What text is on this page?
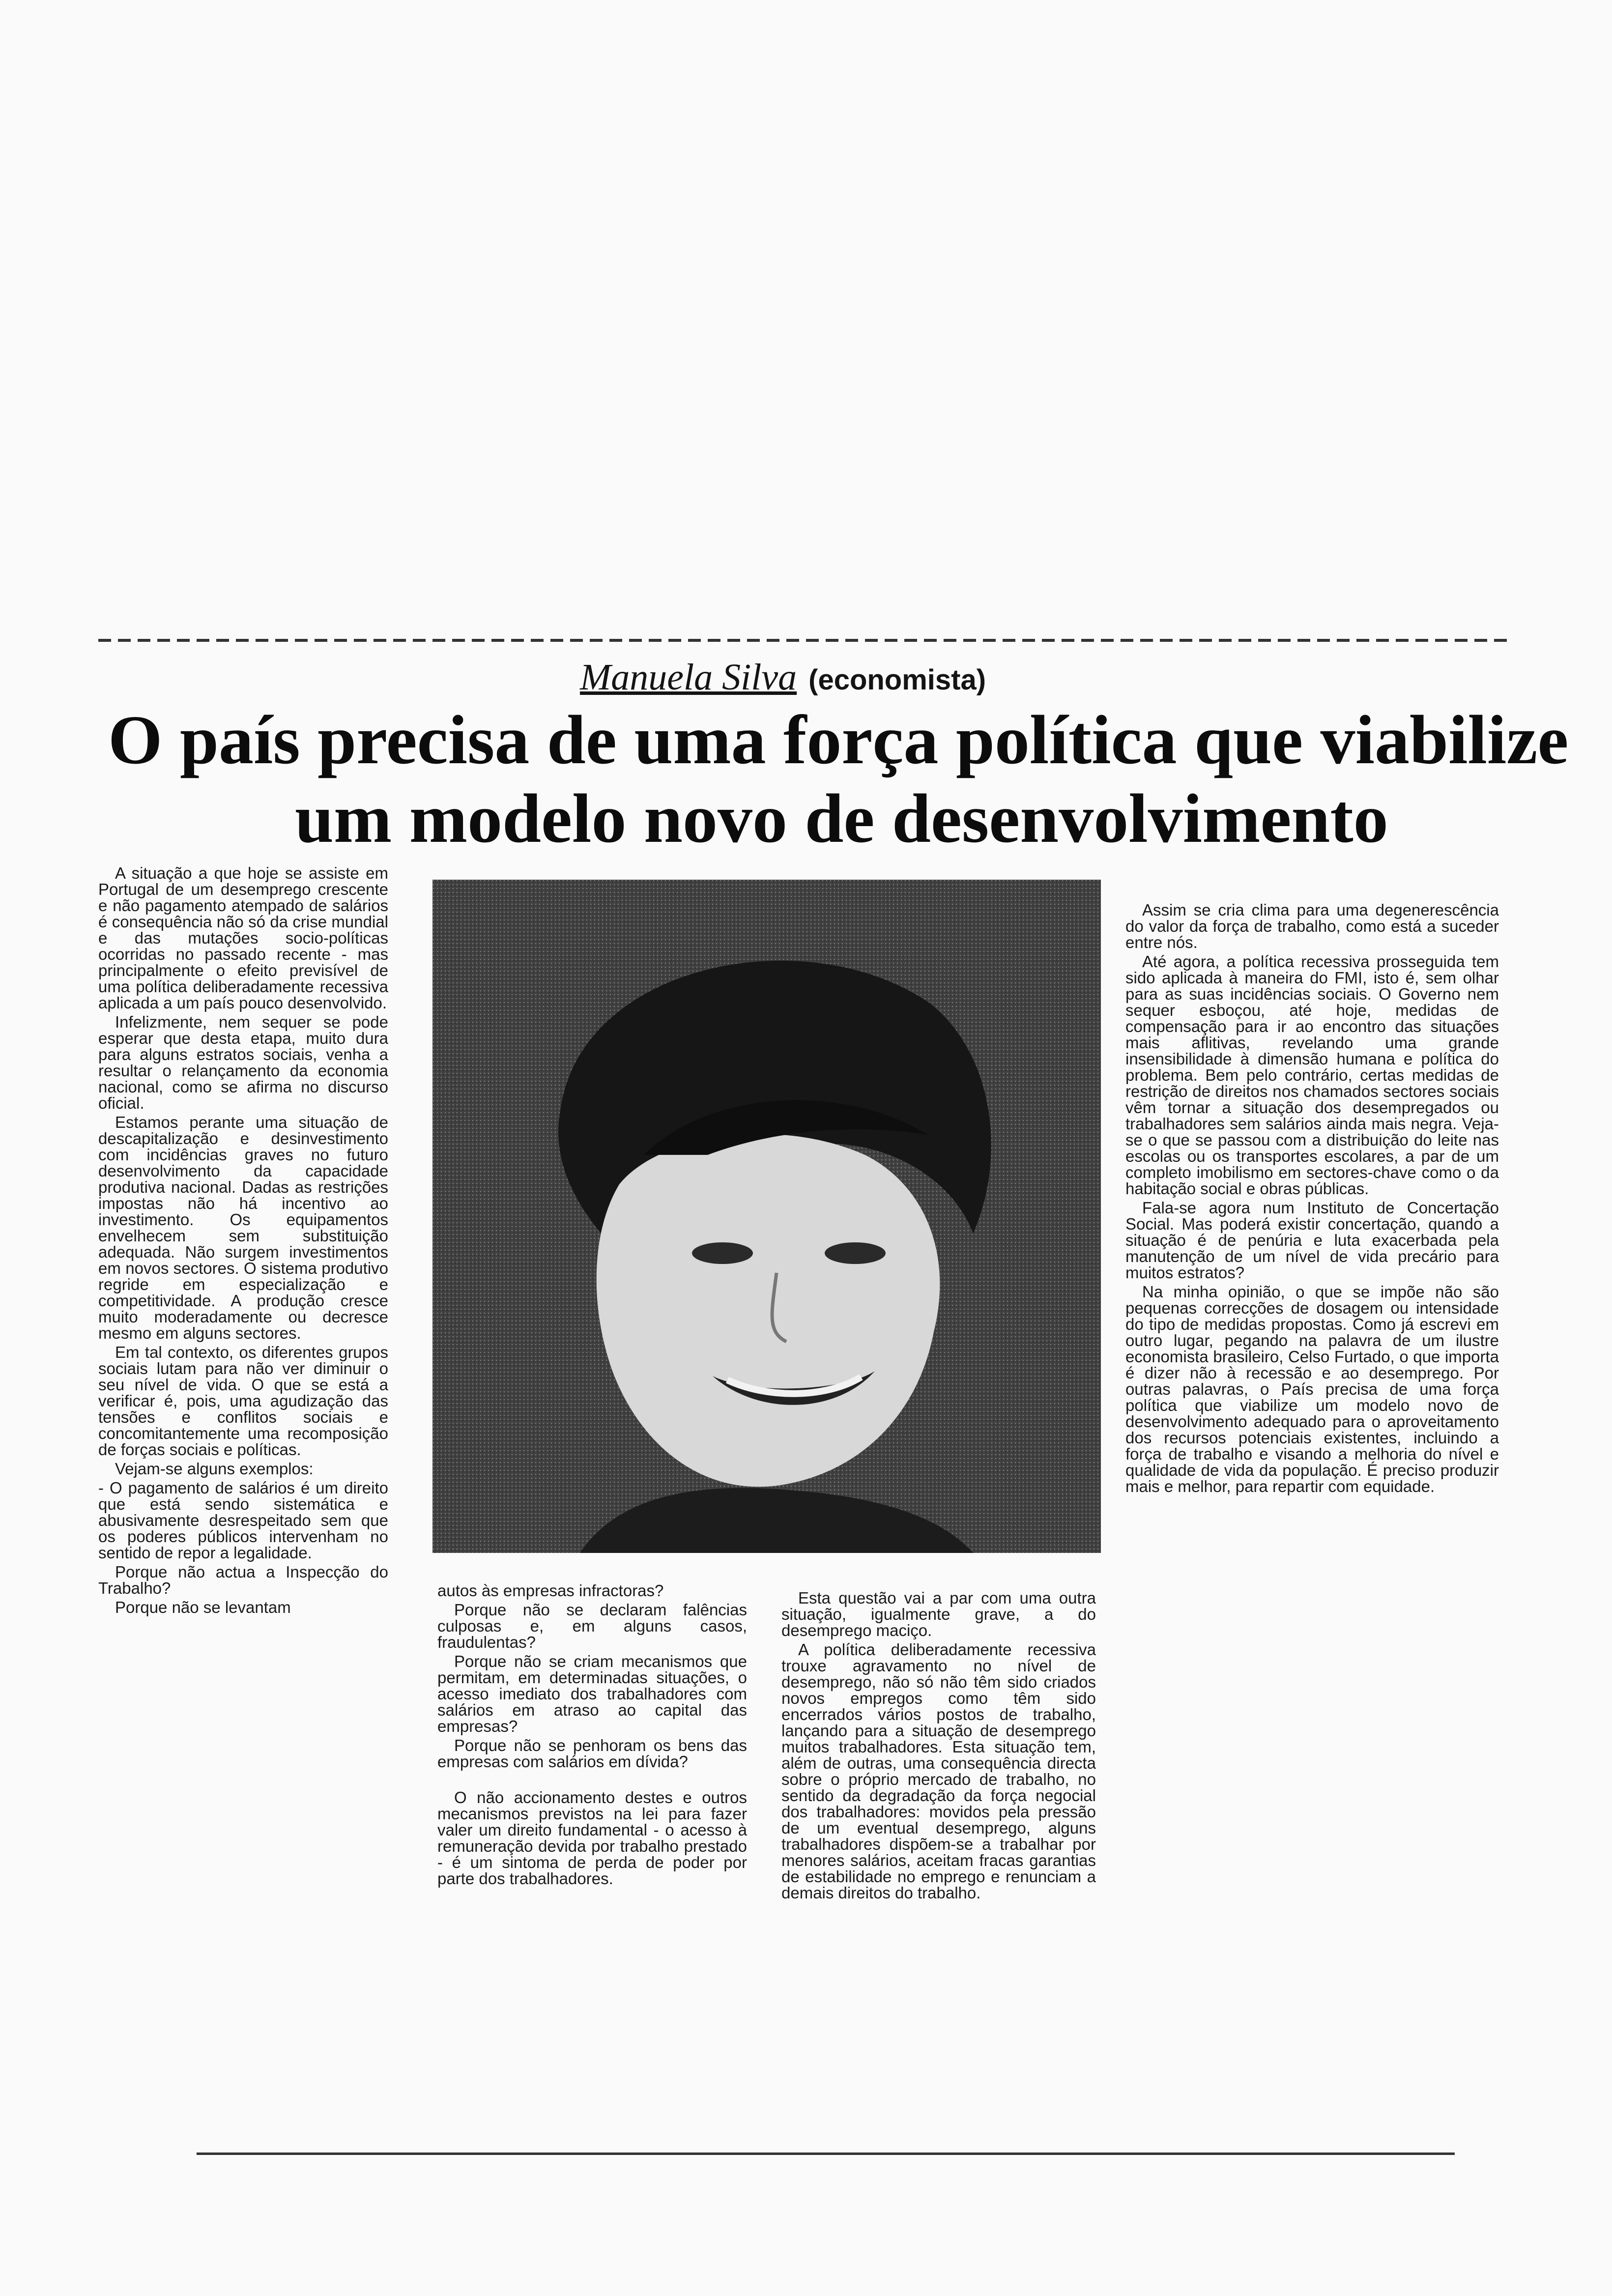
Manuela Silva (economista)
O país precisa de uma força política que viabilize
um modelo novo de desenvolvimento

A situação a que hoje se assiste em Portugal de um desemprego crescente e não pagamento atempado de salários é consequência não só da crise mundial e das mutações socio-políticas ocorridas no passado recente - mas principalmente o efeito previsível de uma política deliberadamente recessiva aplicada a um país pouco desenvolvido.

Infelizmente, nem sequer se pode esperar que desta etapa, muito dura para alguns estratos sociais, venha a resultar o relançamento da economia nacional, como se afirma no discurso oficial.

Estamos perante uma situação de descapitalização e desinvestimento com incidências graves no futuro desenvolvimento da capacidade produtiva nacional. Dadas as restrições impostas não há incentivo ao investimento. Os equipamentos envelhecem sem substituição adequada. Não surgem investimentos em novos sectores. O sistema produtivo regride em especialização e competitividade. A produção cresce muito moderadamente ou decresce mesmo em alguns sectores.

Em tal contexto, os diferentes grupos sociais lutam para não ver diminuir o seu nível de vida. O que se está a verificar é, pois, uma agudização das tensões e conflitos sociais e concomitantemente uma recomposição de forças sociais e políticas.

Vejam-se alguns exemplos:

- O pagamento de salários é um direito que está sendo sistemática e abusivamente desrespeitado sem que os poderes públicos intervenham no sentido de repor a legalidade.

Porque não actua a Inspecção do Trabalho?

Porque não se levantam

autos às empresas infractoras?

Porque não se declaram falências culposas e, em alguns casos, fraudulentas?

Porque não se criam mecanismos que permitam, em determinadas situações, o acesso imediato dos trabalhadores com salários em atraso ao capital das empresas?

Porque não se penhoram os bens das empresas com salários em dívida?

O não accionamento destes e outros mecanismos previstos na lei para fazer valer um direito fundamental - o acesso à remuneração devida por trabalho prestado - é um sintoma de perda de poder por parte dos trabalhadores.

Esta questão vai a par com uma outra situação, igualmente grave, a do desemprego maciço.

A política deliberadamente recessiva trouxe agravamento no nível de desemprego, não só não têm sido criados novos empregos como têm sido encerrados vários postos de trabalho, lançando para a situação de desemprego muitos trabalhadores. Esta situação tem, além de outras, uma consequência directa sobre o próprio mercado de trabalho, no sentido da degradação da força negocial dos trabalhadores: movidos pela pressão de um eventual desemprego, alguns trabalhadores dispõem-se a trabalhar por menores salários, aceitam fracas garantias de estabilidade no emprego e renunciam a demais direitos do trabalho.

Assim se cria clima para uma degenerescência do valor da força de trabalho, como está a suceder entre nós.

Até agora, a política recessiva prosseguida tem sido aplicada à maneira do FMI, isto é, sem olhar para as suas incidências sociais. O Governo nem sequer esboçou, até hoje, medidas de compensação para ir ao encontro das situações mais aflitivas, revelando uma grande insensibilidade à dimensão humana e política do problema. Bem pelo contrário, certas medidas de restrição de direitos nos chamados sectores sociais vêm tornar a situação dos desempregados ou trabalhadores sem salários ainda mais negra. Veja-se o que se passou com a distribuição do leite nas escolas ou os transportes escolares, a par de um completo imobilismo em sectores-chave como o da habitação social e obras públicas.

Fala-se agora num Instituto de Concertação Social. Mas poderá existir concertação, quando a situação é de penúria e luta exacerbada pela manutenção de um nível de vida precário para muitos estratos?

Na minha opinião, o que se impõe não são pequenas correcções de dosagem ou intensidade do tipo de medidas propostas. Como já escrevi em outro lugar, pegando na palavra de um ilustre economista brasileiro, Celso Furtado, o que importa é dizer não à recessão e ao desemprego. Por outras palavras, o País precisa de uma força política que viabilize um modelo novo de desenvolvimento adequado para o aproveitamento dos recursos potenciais existentes, incluindo a força de trabalho e visando a melhoria do nível e qualidade de vida da população. É preciso produzir mais e melhor, para repartir com equidade.
